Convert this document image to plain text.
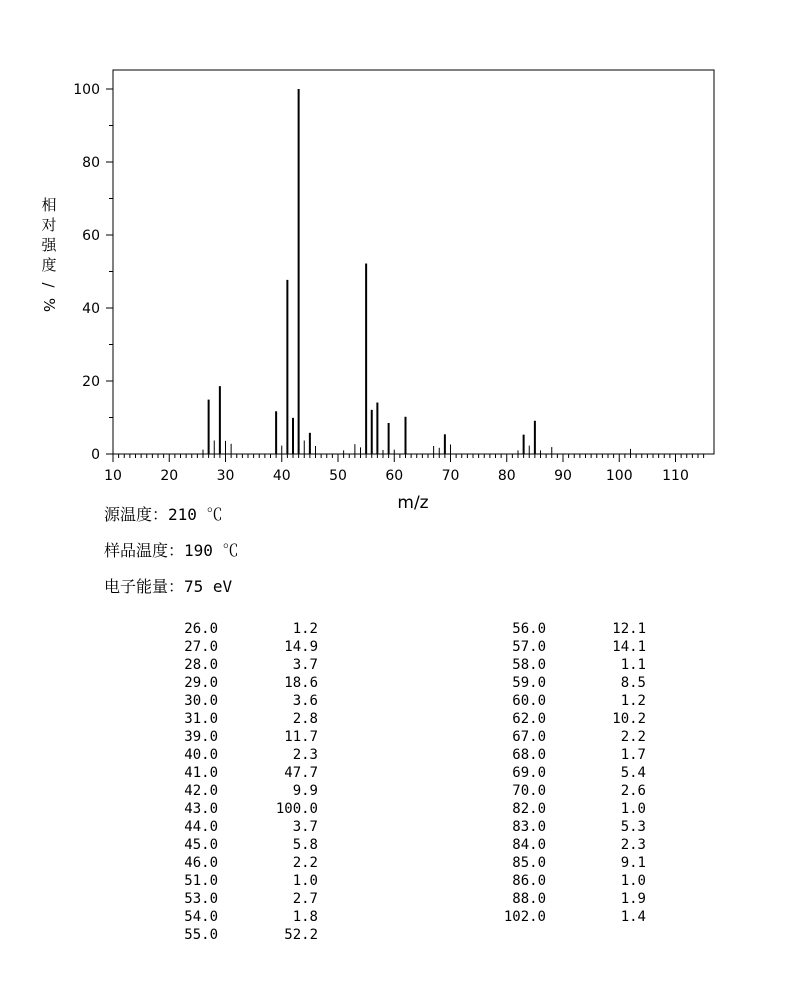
10	20	30	40	50	60	70	80	90 100 110
0
20
40
60
80
100
m/z
相
对
强
度
/
%
源温度：210 ℃
样品温度：190 ℃
电子能量：75 eV
26.0	1.2
27.0	14.9
28.0	3.7
29.0	18.6
30.0	3.6
31.0	2.8
39.0	11.7
40.0	2.3
41.0	47.7
42.0	9.9
43.0	100.0
44.0	3.7
45.0	5.8
46.0	2.2
51.0	1.0
53.0	2.7
54.0	1.8
55.0	52.2
56.0	12.1
57.0	14.1
58.0	1.1
59.0	8.5
60.0	1.2
62.0	10.2
67.0	2.2
68.0	1.7
69.0	5.4
70.0	2.6
82.0	1.0
83.0	5.3
84.0	2.3
85.0	9.1
86.0	1.0
88.0	1.9
102.0	1.4
